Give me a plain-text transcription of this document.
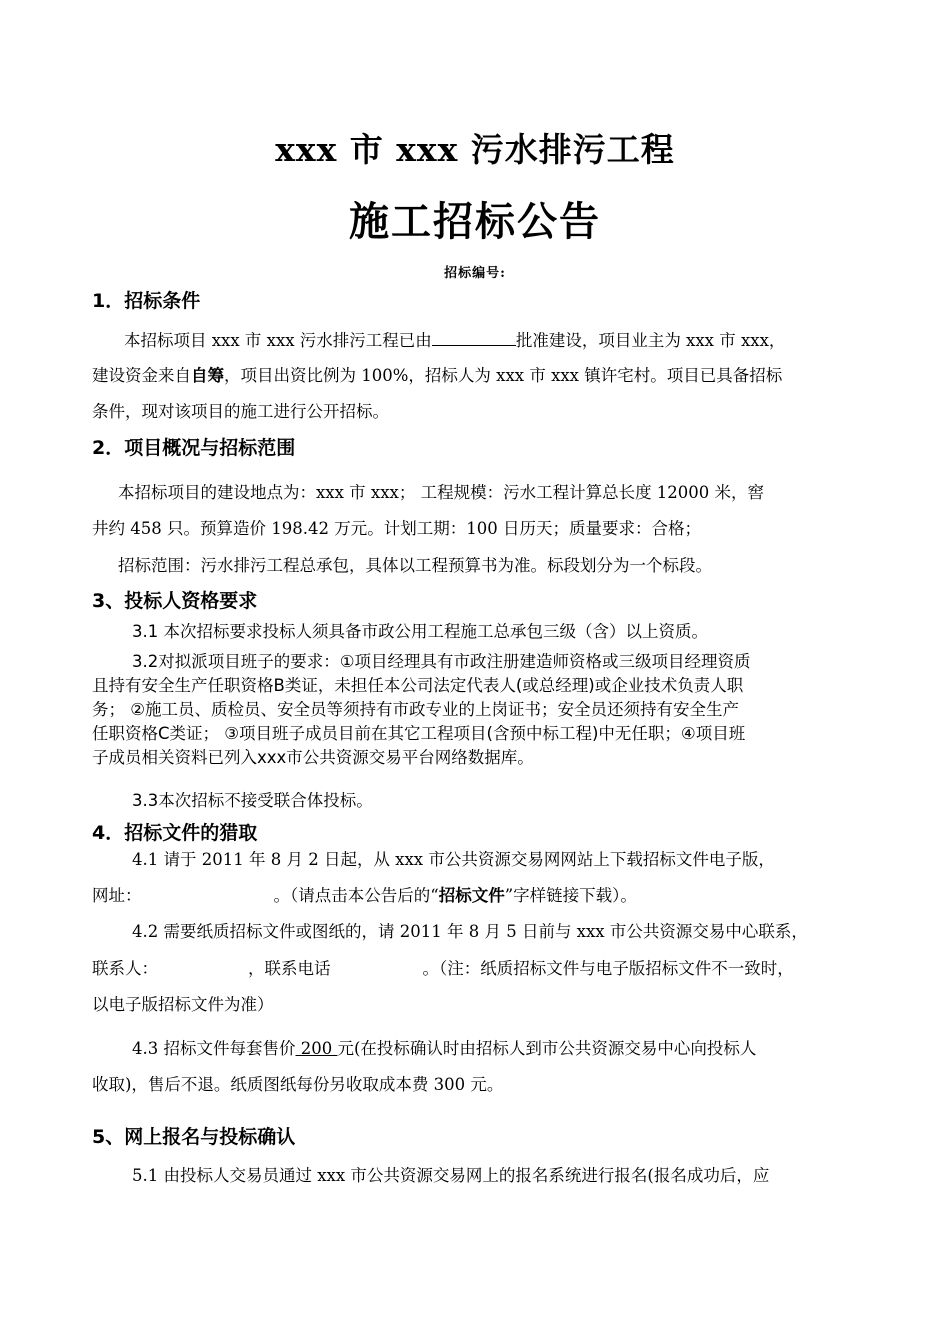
xxx 市 xxx 污水排污工程
施工招标公告
招标编号:
1．招标条件
本招标项目 xxx 市 xxx 污水排污工程已由	批准建设，项目业主为 xxx 市 xxx，
建设资金来自自筹，项目出资比例为 100%，招标人为 xxx 市 xxx 镇许宅村。项目已具备招标
条件，现对该项目的施工进行公开招标。
2．项目概况与招标范围
本招标项目的建设地点为：xxx 市 xxx； 工程规模：污水工程计算总长度 12000 米，窖
井约 458 只。预算造价 198.42 万元。计划工期：100 日历天；质量要求：合格；
招标范围：污水排污工程总承包，具体以工程预算书为准。标段划分为一个标段。
3、投标人资格要求
3.1 本次招标要求投标人须具备市政公用工程施工总承包三级（含）以上资质。
3.2对拟派项目班子的要求：①项目经理具有市政注册建造师资格或三级项目经理资质
且持有安全生产任职资格B类证，未担任本公司法定代表人(或总经理)或企业技术负责人职
务； ②施工员、质检员、安全员等须持有市政专业的上岗证书；安全员还须持有安全生产
任职资格C类证； ③项目班子成员目前在其它工程项目(含预中标工程)中无任职；④项目班
子成员相关资料已列入xxx市公共资源交易平台网络数据库。
3.3本次招标不接受联合体投标。
4．招标文件的猎取
4.1 请于 2011 年 8 月 2 日起，从 xxx 市公共资源交易网网站上下载招标文件电子版，
网址：	。（请点击本公告后的“招标文件”字样链接下载）。
4.2 需要纸质招标文件或图纸的，请 2011 年 8 月 5 日前与 xxx 市公共资源交易中心联系，
联系人：	，联系电话	。（注：纸质招标文件与电子版招标文件不一致时，
以电子版招标文件为准）
4.3 招标文件每套售价 200 元(在投标确认时由招标人到市公共资源交易中心向投标人
收取)，售后不退。纸质图纸每份另收取成本费 300 元。
5、网上报名与投标确认
5.1 由投标人交易员通过 xxx 市公共资源交易网上的报名系统进行报名(报名成功后，应
